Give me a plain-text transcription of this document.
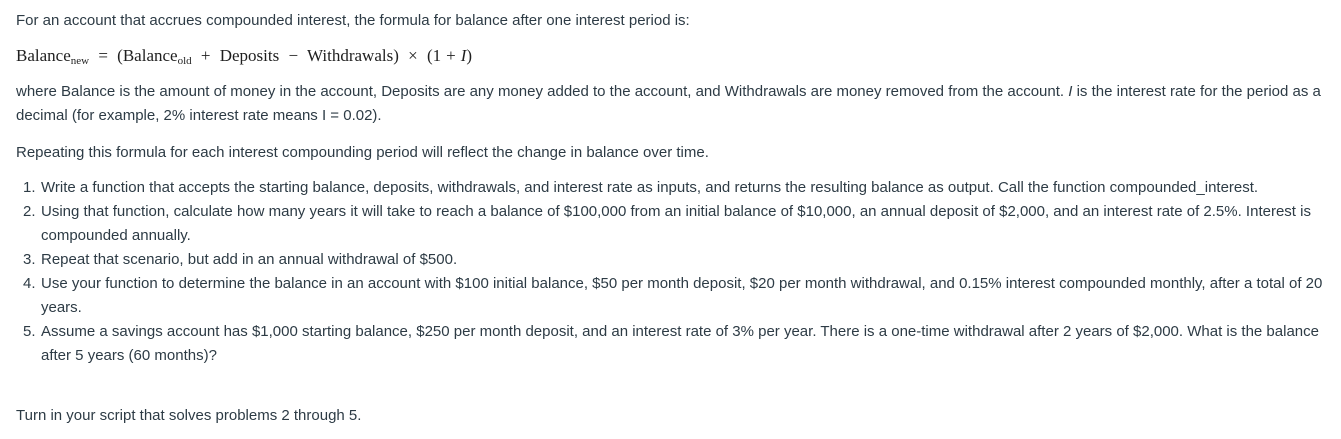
For an account that accrues compounded interest, the formula for balance after one interest period is:

Balance$_{new}$ = (Balance$_{old}$ + Deposits − Withdrawals) × (1 + I)

where Balance is the amount of money in the account, Deposits are any money added to the account, and Withdrawals are money removed from the account. I is the interest rate for the period as a decimal (for example, 2% interest rate means I = 0.02).

Repeating this formula for each interest compounding period will reflect the change in balance over time.

1. Write a function that accepts the starting balance, deposits, withdrawals, and interest rate as inputs, and returns the resulting balance as output. Call the function compounded_interest.
2. Using that function, calculate how many years it will take to reach a balance of $100,000 from an initial balance of $10,000, an annual deposit of $2,000, and an interest rate of 2.5%. Interest is compounded annually.
3. Repeat that scenario, but add in an annual withdrawal of $500.
4. Use your function to determine the balance in an account with $100 initial balance, $50 per month deposit, $20 per month withdrawal, and 0.15% interest compounded monthly, after a total of 20 years.
5. Assume a savings account has $1,000 starting balance, $250 per month deposit, and an interest rate of 3% per year. There is a one-time withdrawal after 2 years of $2,000. What is the balance after 5 years (60 months)?

Turn in your script that solves problems 2 through 5.
